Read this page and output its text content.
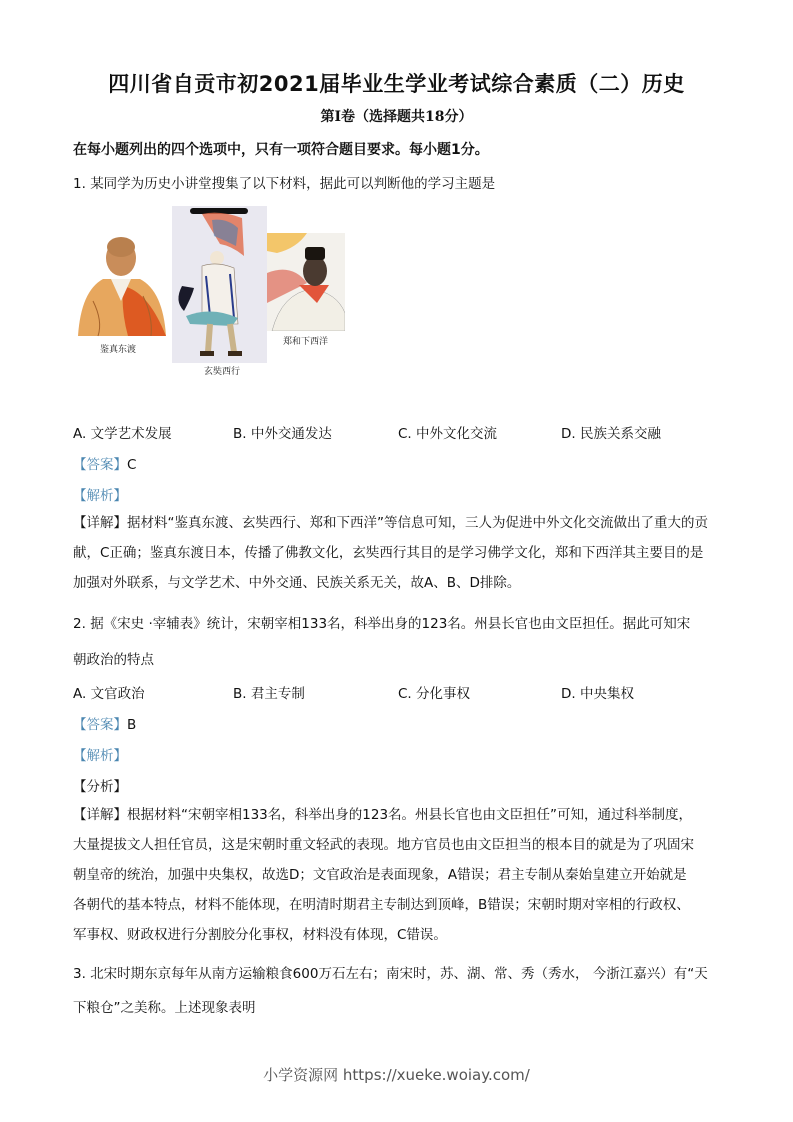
四川省自贡市初2021届毕业生学业考试综合素质（二）历史
第Ⅰ卷（选择题共18分）
在每小题列出的四个选项中，只有一项符合题目要求。每小题1分。
1. 某同学为历史小讲堂搜集了以下材料，据此可以判断他的学习主题是
鉴真东渡
玄奘西行
郑和下西洋
A. 文学艺术发展	B. 中外交通发达	C. 中外文化交流	D. 民族关系交融
【答案】C
【解析】
【详解】据材料“鉴真东渡、玄奘西行、郑和下西洋”等信息可知，三人为促进中外文化交流做出了重大的贡
献，C正确；鉴真东渡日本，传播了佛教文化，玄奘西行其目的是学习佛学文化，郑和下西洋其主要目的是
加强对外联系，与文学艺术、中外交通、民族关系无关，故A、B、D排除。
2. 据《宋史 ·宰辅表》统计，宋朝宰相133名，科举出身的123名。州县长官也由文臣担任。据此可知宋
朝政治的特点
A. 文官政治	B. 君主专制	C. 分化事权	D. 中央集权
【答案】B
【解析】
【分析】
【详解】根据材料“宋朝宰相133名，科举出身的123名。州县长官也由文臣担任”可知，通过科举制度，
大量提拔文人担任官员，这是宋朝时重文轻武的表现。地方官员也由文臣担当的根本目的就是为了巩固宋
朝皇帝的统治，加强中央集权，故选D；文官政治是表面现象，A错误；君主专制从秦始皇建立开始就是
各朝代的基本特点，材料不能体现，在明清时期君主专制达到顶峰，B错误；宋朝时期对宰相的行政权、
军事权、财政权进行分割胶分化事权，材料没有体现，C错误。
3. 北宋时期东京每年从南方运输粮食600万石左右；南宋时，苏、湖、常、秀（秀水， 今浙江嘉兴）有“天
下粮仓”之美称。上述现象表明
小学资源网 https://xueke.woiay.com/
